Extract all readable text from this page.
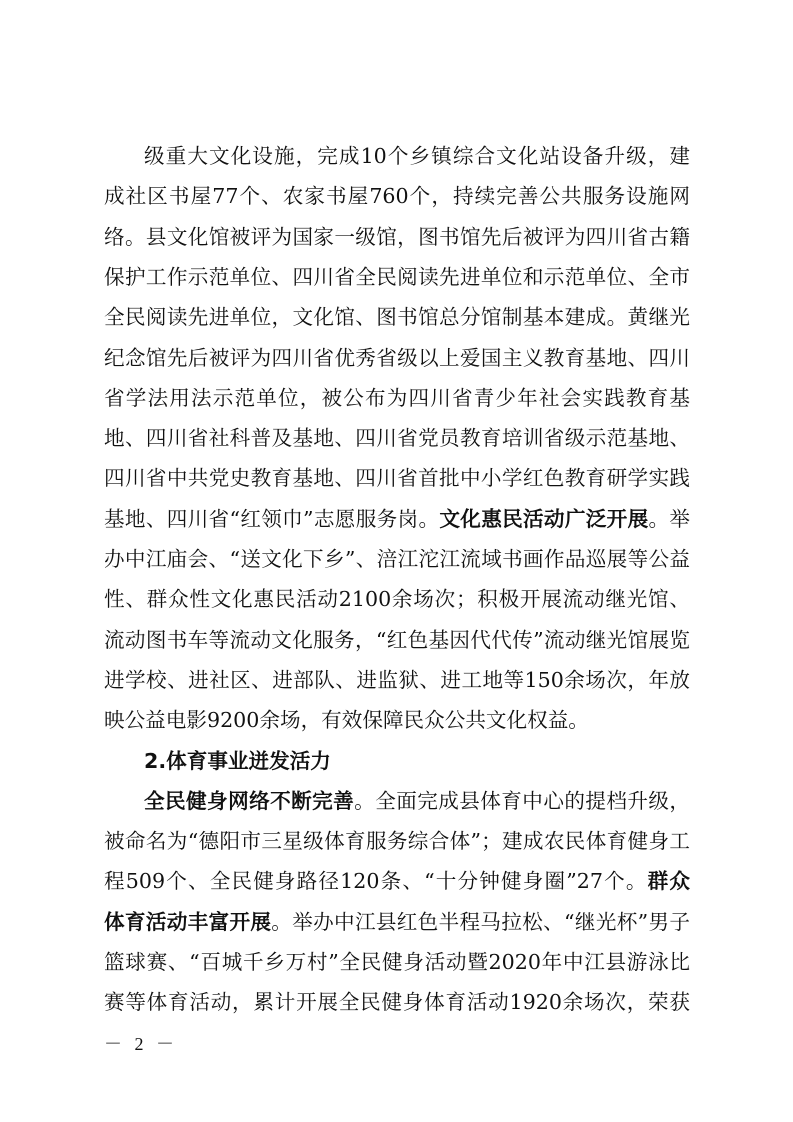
级重大文化设施，完成10个乡镇综合文化站设备升级，建
成社区书屋77个、农家书屋760个，持续完善公共服务设施网
络。县文化馆被评为国家一级馆，图书馆先后被评为四川省古籍
保护工作示范单位、四川省全民阅读先进单位和示范单位、全市
全民阅读先进单位，文化馆、图书馆总分馆制基本建成。黄继光
纪念馆先后被评为四川省优秀省级以上爱国主义教育基地、四川
省学法用法示范单位，被公布为四川省青少年社会实践教育基
地、四川省社科普及基地、四川省党员教育培训省级示范基地、
四川省中共党史教育基地、四川省首批中小学红色教育研学实践
基地、四川省“红领巾”志愿服务岗。文化惠民活动广泛开展。举
办中江庙会、“送文化下乡”、涪江沱江流域书画作品巡展等公益
性、群众性文化惠民活动2100余场次；积极开展流动继光馆、
流动图书车等流动文化服务，“红色基因代代传”流动继光馆展览
进学校、进社区、进部队、进监狱、进工地等150余场次，年放
映公益电影9200余场，有效保障民众公共文化权益。
2.体育事业迸发活力
全民健身网络不断完善。全面完成县体育中心的提档升级，
被命名为“德阳市三星级体育服务综合体”；建成农民体育健身工
程509个、全民健身路径120条、“十分钟健身圈”27个。群众
体育活动丰富开展。举办中江县红色半程马拉松、“继光杯”男子
篮球赛、“百城千乡万村”全民健身活动暨2020年中江县游泳比
赛等体育活动，累计开展全民健身体育活动1920余场次，荣获
－ 2 －
